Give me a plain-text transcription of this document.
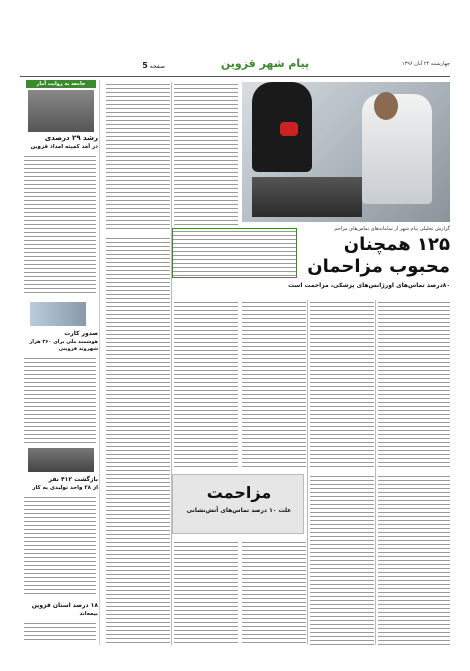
چهارشنبه ۲۴ آبان ۱۳۹۶
پیام شهر قزوین
صفحه 5
جامعه به روایت آمار
رشد ۲۹ درصدی
در آمد کمیته امداد قزوین
صدور کارت
هوشمند ملی برای ۳۶۰ هزار
شهروند قزوینی
بازگشت ۴۱۲ نفر
از ۲۸ واحد تولیدی به کار
۱۸ درصد استان قزوین
بیمه‌اند
گزارش تحلیلی پیام شهر از سامانه‌های تماس‌های مزاحم
۱۲۵ همچنان
محبوب مزاحمان
۸۰درصد تماس‌های اورژانس‌های پزشکی، مزاحمت است
مزاحمت
علت ۱۰ درصد تماس‌های آتش‌نشانی
